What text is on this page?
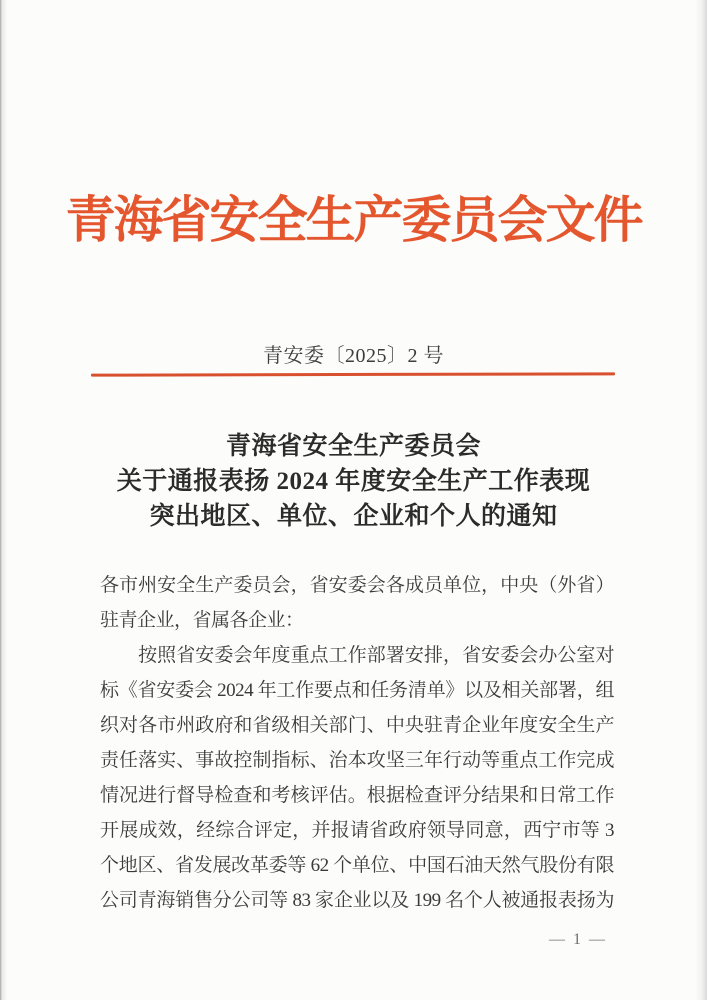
青海省安全生产委员会文件
青安委〔2025〕2 号
青海省安全生产委员会
关于通报表扬 2024 年度安全生产工作表现
突出地区、单位、企业和个人的通知
各市州安全生产委员会，省安委会各成员单位，中央（外省）
驻青企业，省属各企业：
　　按照省安委会年度重点工作部署安排，省安委会办公室对
标《省安委会 2024 年工作要点和任务清单》以及相关部署，组
织对各市州政府和省级相关部门、中央驻青企业年度安全生产
责任落实、事故控制指标、治本攻坚三年行动等重点工作完成
情况进行督导检查和考核评估。根据检查评分结果和日常工作
开展成效，经综合评定，并报请省政府领导同意，西宁市等 3
个地区、省发展改革委等 62 个单位、中国石油天然气股份有限
公司青海销售分公司等 83 家企业以及 199 名个人被通报表扬为
— 1 —
